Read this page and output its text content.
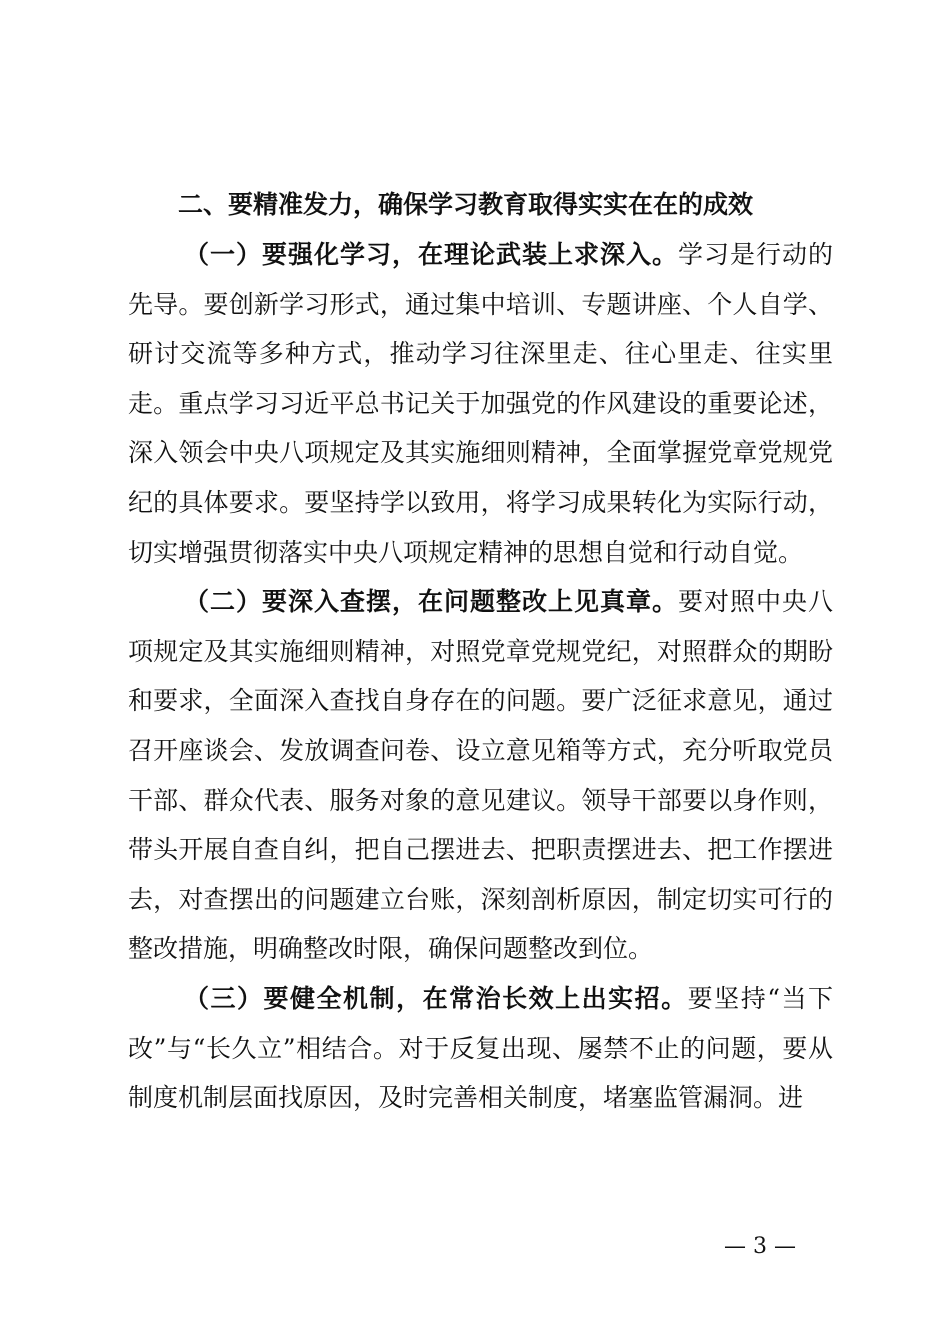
二、要精准发力，确保学习教育取得实实在在的成效

（一）要强化学习，在理论武装上求深入。学习是行动的先导。要创新学习形式，通过集中培训、专题讲座、个人自学、研讨交流等多种方式，推动学习往深里走、往心里走、往实里走。重点学习习近平总书记关于加强党的作风建设的重要论述，深入领会中央八项规定及其实施细则精神，全面掌握党章党规党纪的具体要求。要坚持学以致用，将学习成果转化为实际行动，切实增强贯彻落实中央八项规定精神的思想自觉和行动自觉。

（二）要深入查摆，在问题整改上见真章。要对照中央八项规定及其实施细则精神，对照党章党规党纪，对照群众的期盼和要求，全面深入查找自身存在的问题。要广泛征求意见，通过召开座谈会、发放调查问卷、设立意见箱等方式，充分听取党员干部、群众代表、服务对象的意见建议。领导干部要以身作则，带头开展自查自纠，把自己摆进去、把职责摆进去、把工作摆进去，对查摆出的问题建立台账，深刻剖析原因，制定切实可行的整改措施，明确整改时限，确保问题整改到位。

（三）要健全机制，在常治长效上出实招。要坚持“当下改”与“长久立”相结合。对于反复出现、屡禁不止的问题，要从制度机制层面找原因，及时完善相关制度，堵塞监管漏洞。进

— 3 —
